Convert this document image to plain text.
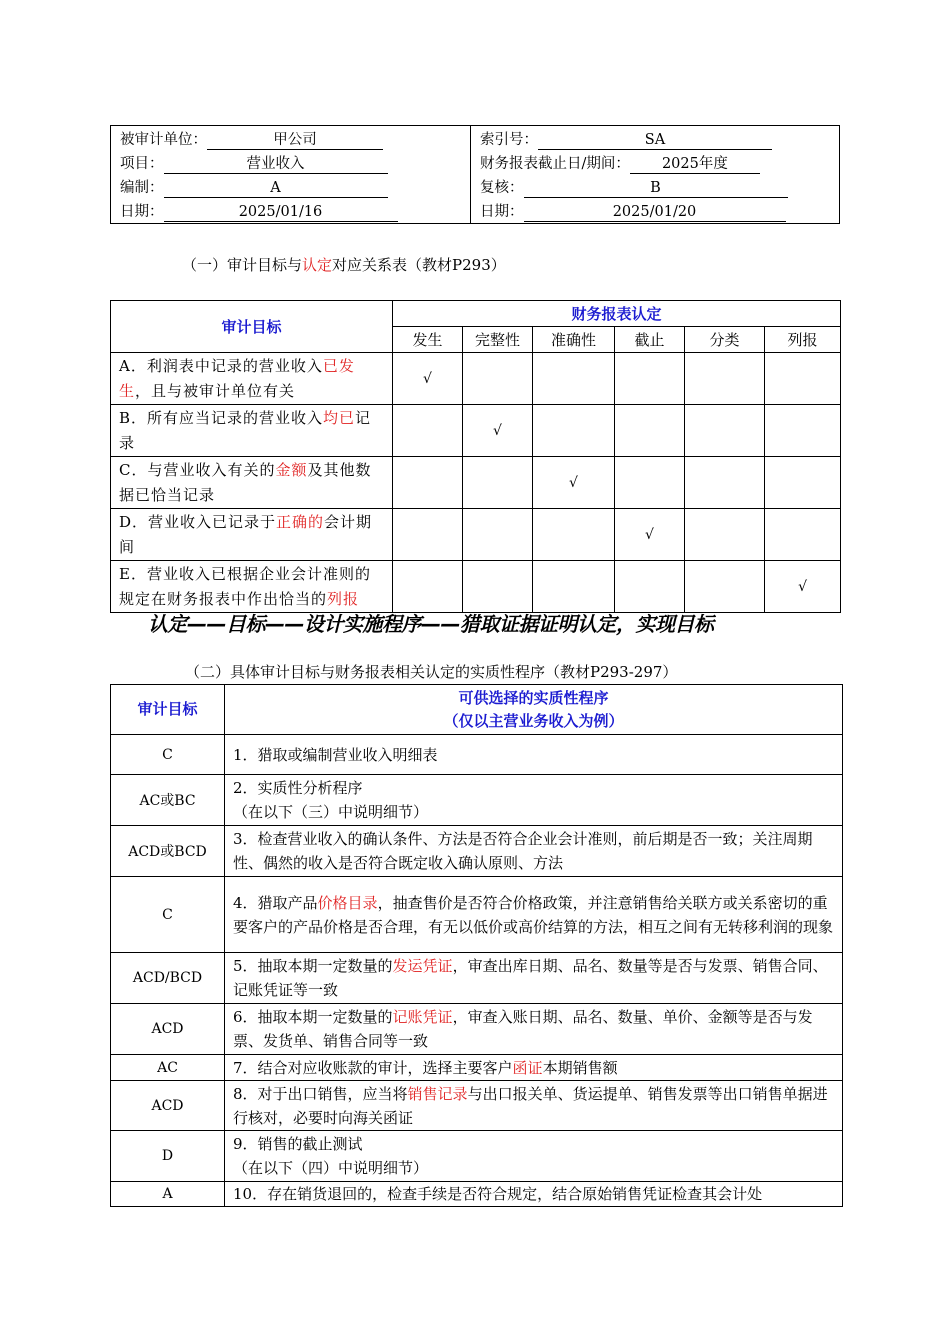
被审计单位：	甲公司
项目：	营业收入
编制：	A
日期：	2025/01/16
索引号：	SA
财务报表截止日/期间： 2025年度
复核：	B
日期：	2025/01/20
（一）审计目标与认定对应关系表（教材P293）
审计目标	财务报表认定					
	发生	完整性	准确性	截止	分类	列报
A．利润表中记录的营业收入已发生，且与被审计单位有关	√					
B．所有应当记录的营业收入均已记录		√				
C．与营业收入有关的金额及其他数据已恰当记录			√			
D．营业收入已记录于正确的会计期间				√		
E．营业收入已根据企业会计准则的规定在财务报表中作出恰当的列报						√
认定——目标——设计实施程序——猎取证据证明认定，实现目标
（二）具体审计目标与财务报表相关认定的实质性程序（教材P293-297）
审计目标	可供选择的实质性程序
（仅以主营业务收入为例）

C	1．猎取或编制营业收入明细表
AC或BC	2．实质性分析程序
（在以下（三）中说明细节）

ACD或BCD	3．检查营业收入的确认条件、方法是否符合企业会计准则，前后期是否一致；关注周期性、偶然的收入是否符合既定收入确认原则、方法
C	4．猎取产品价格目录，抽查售价是否符合价格政策，并注意销售给关联方或关系密切的重要客户的产品价格是否合理，有无以低价或高价结算的方法，相互之间有无转移利润的现象
ACD/BCD	5．抽取本期一定数量的发运凭证，审查出库日期、品名、数量等是否与发票、销售合同、记账凭证等一致
ACD	6．抽取本期一定数量的记账凭证，审查入账日期、品名、数量、单价、金额等是否与发票、发货单、销售合同等一致
AC	7．结合对应收账款的审计，选择主要客户函证本期销售额
ACD	8．对于出口销售，应当将销售记录与出口报关单、货运提单、销售发票等出口销售单据进行核对，必要时向海关函证
D	9．销售的截止测试
（在以下（四）中说明细节）

A	10．存在销货退回的，检查手续是否符合规定，结合原始销售凭证检查其会计处
